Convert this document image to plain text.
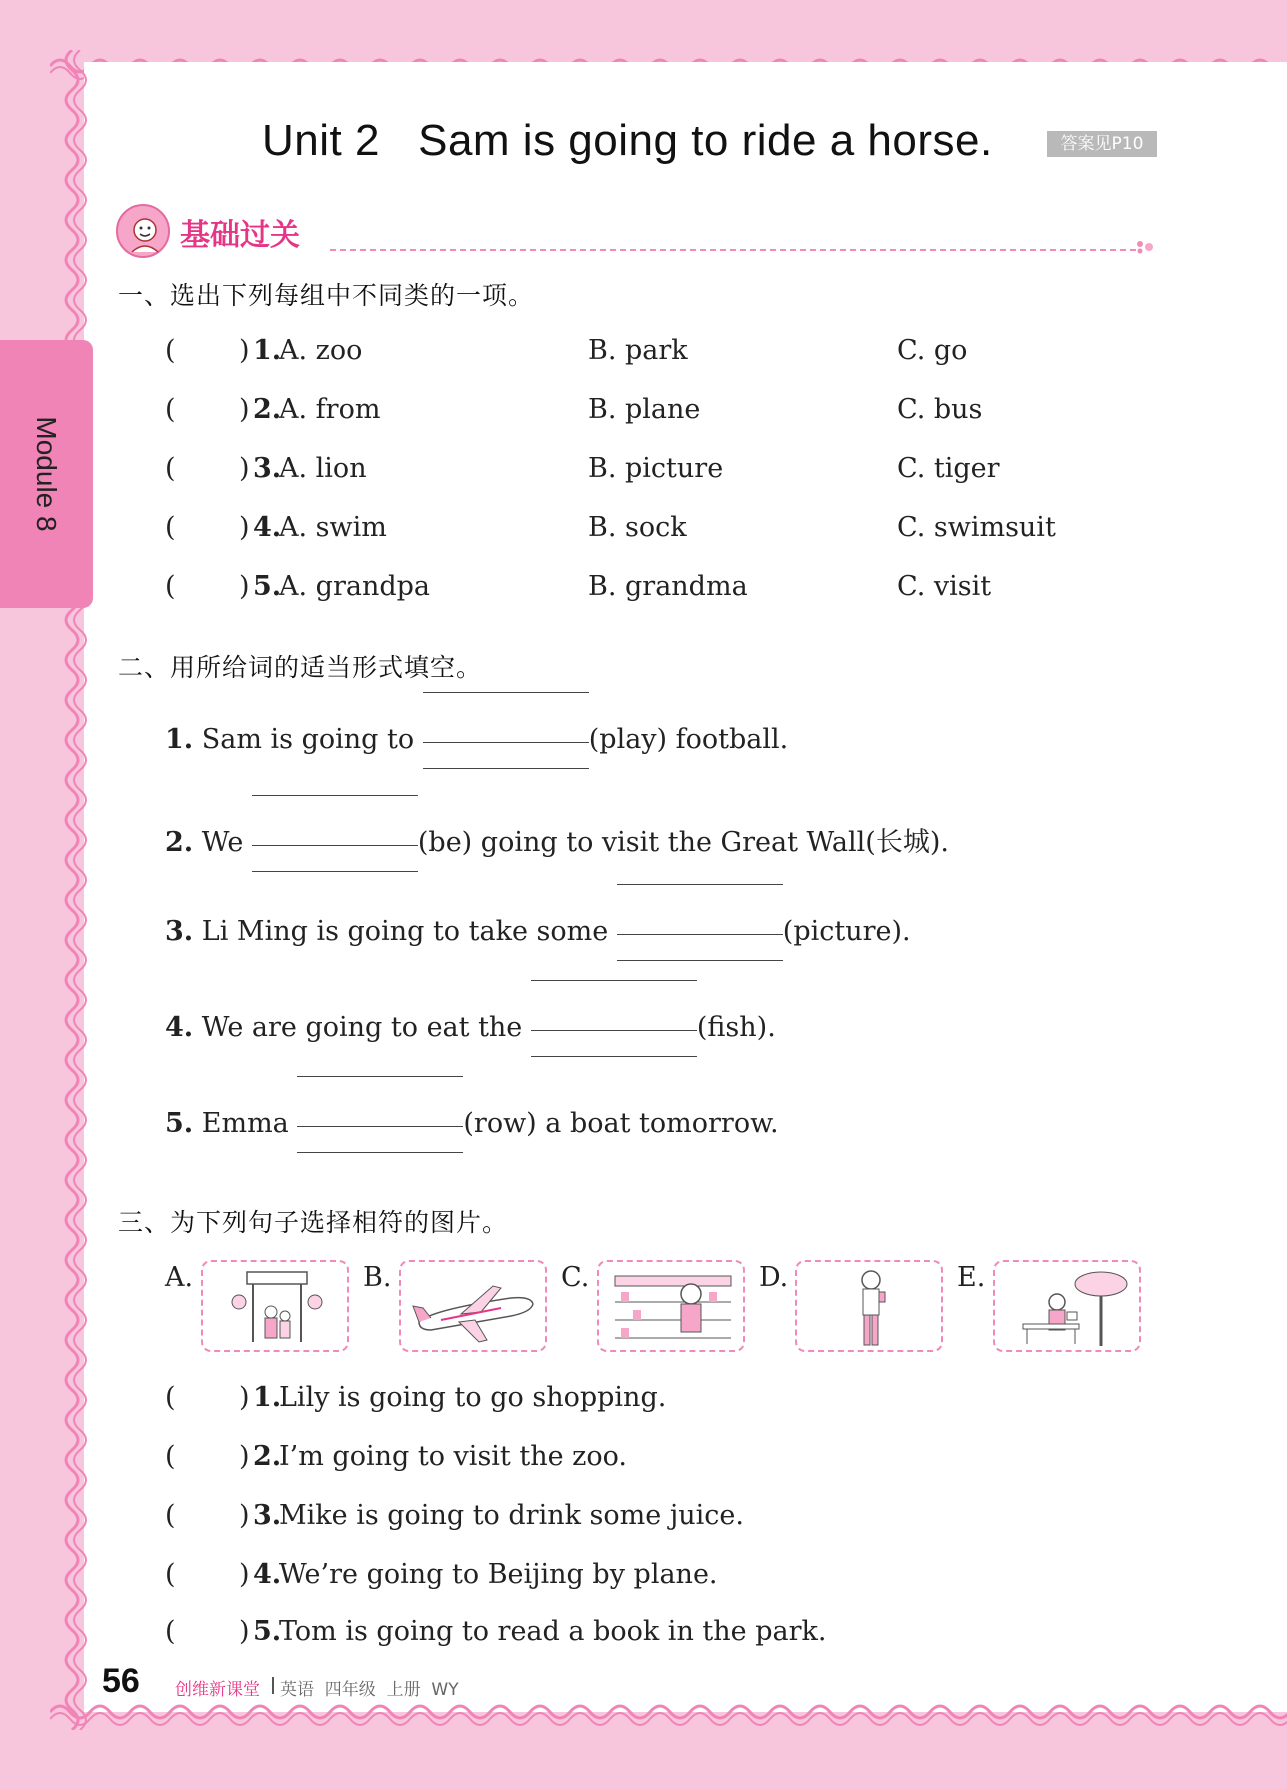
Module 8
Unit 2   Sam is going to ride a horse.	答案见P10
基础过关
一、选出下列每组中不同类的一项。
( ) 1.
A. zoo	B. park	C. go
( ) 2.
A. from	B. plane	C. bus
( ) 3.
A. lion	B. picture	C. tiger
( ) 4.
A. swim	B. sock	C. swimsuit
( ) 5.
A. grandpa	B. grandma	C. visit
二、用所给词的适当形式填空。
1. Sam is going to	(play) football.
2. We	(be) going to visit the Great Wall(长城).
3. Li Ming is going to take some	(picture).
4. We are going to eat the	(fish).
5. Emma	(row) a boat tomorrow.
三、为下列句子选择相符的图片。
A.	B.	C.	D.	E.
( ) 1.
Lily is going to go shopping.
( ) 2.
I’m going to visit the zoo.
( ) 3.
Mike is going to drink some juice.
( ) 4.
We’re going to Beijing by plane.
( ) 5.
Tom is going to read a book in the park.
56 创维新课堂 英语  四年级  上册  WY
